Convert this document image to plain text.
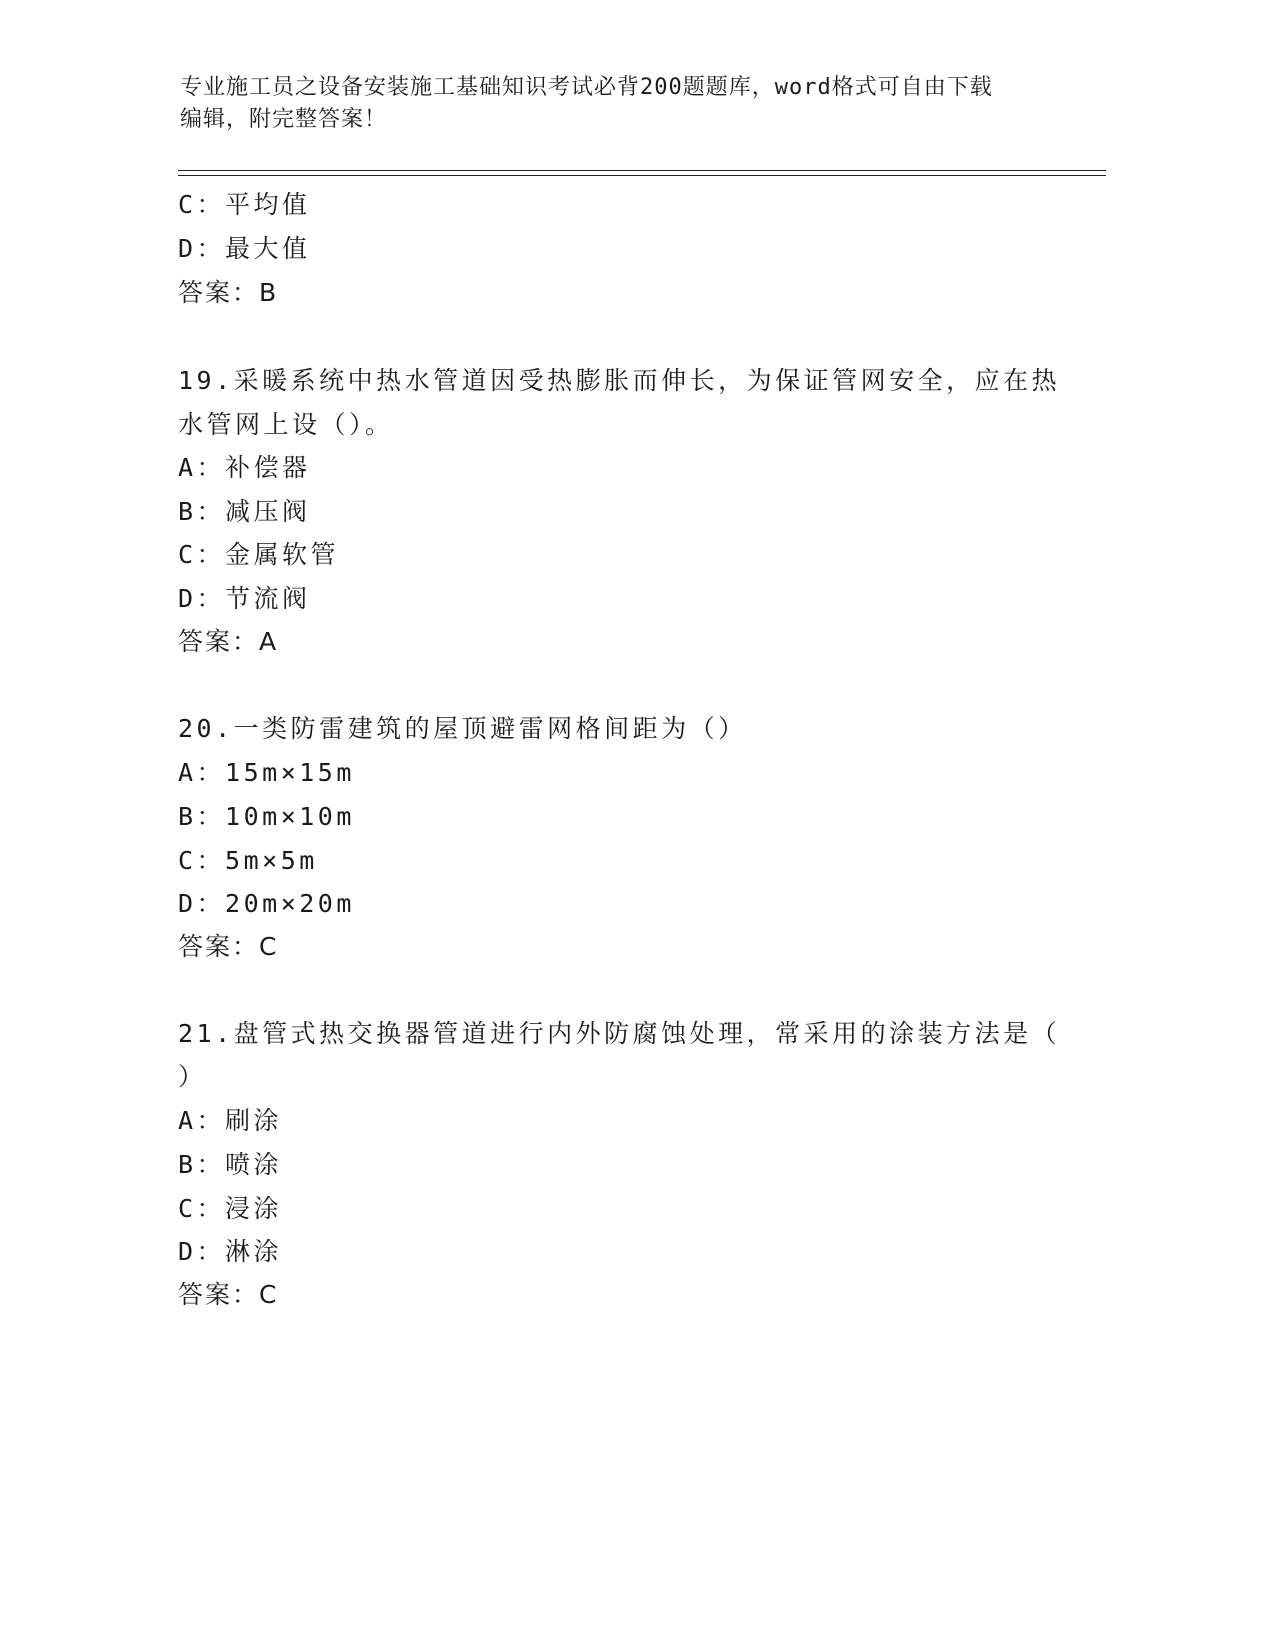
专业施工员之设备安装施工基础知识考试必背200题题库，word格式可自由下载
编辑，附完整答案！
C：平均值
D：最大值
答案：B
19.采暖系统中热水管道因受热膨胀而伸长，为保证管网安全，应在热
水管网上设（）。
A：补偿器
B：减压阀
C：金属软管
D：节流阀
答案：A
20.一类防雷建筑的屋顶避雷网格间距为（）
A：15m×15m
B：10m×10m
C：5m×5m
D：20m×20m
答案：C
21.盘管式热交换器管道进行内外防腐蚀处理，常采用的涂装方法是（
）
A：刷涂
B：喷涂
C：浸涂
D：淋涂
答案：C
